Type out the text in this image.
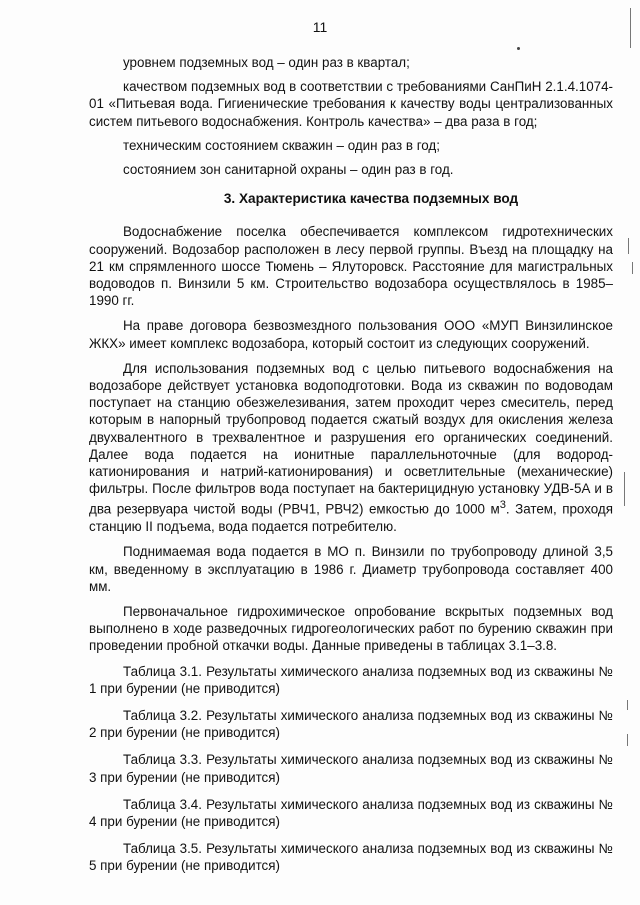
11

уровнем подземных вод – один раз в квартал;

качеством подземных вод в соответствии с требованиями СанПиН 2.1.4.1074-01 «Питьевая вода. Гигиенические требования к качеству воды централизованных систем питьевого водоснабжения. Контроль качества» – два раза в год;

техническим состоянием скважин – один раз в год;

состоянием зон санитарной охраны – один раз в год.

3. Характеристика качества подземных вод

Водоснабжение поселка обеспечивается комплексом гидротехнических сооружений. Водозабор расположен в лесу первой группы. Въезд на площадку на 21 км спрямленного шоссе Тюмень – Ялуторовск. Расстояние для магистральных водоводов п. Винзили 5 км. Строительство водозабора осуществлялось в 1985–1990 гг.

На праве договора безвозмездного пользования ООО «МУП Винзилинское ЖКХ» имеет комплекс водозабора, который состоит из следующих сооружений.

Для использования подземных вод с целью питьевого водоснабжения на водозаборе действует установка водоподготовки. Вода из скважин по водоводам поступает на станцию обезжелезивания, затем проходит через смеситель, перед которым в напорный трубопровод подается сжатый воздух для окисления железа двухвалентного в трехвалентное и разрушения его органических соединений. Далее вода подается на ионитные параллельноточные (для водород-катионирования и натрий-катионирования) и осветлительные (механические) фильтры. После фильтров вода поступает на бактерицидную установку УДВ-5А и в два резервуара чистой воды (РВЧ1, РВЧ2) емкостью до 1000 $м^3$. Затем, проходя станцию II подъема, вода подается потребителю.

Поднимаемая вода подается в МО п. Винзили по трубопроводу длиной 3,5 км, введенному в эксплуатацию в 1986 г. Диаметр трубопровода составляет 400 мм.

Первоначальное гидрохимическое опробование вскрытых подземных вод выполнено в ходе разведочных гидрогеологических работ по бурению скважин при проведении пробной откачки воды. Данные приведены в таблицах 3.1–3.8.

Таблица 3.1. Результаты химического анализа подземных вод из скважины № 1 при бурении (не приводится)

Таблица 3.2. Результаты химического анализа подземных вод из скважины № 2 при бурении (не приводится)

Таблица 3.3. Результаты химического анализа подземных вод из скважины № 3 при бурении (не приводится)

Таблица 3.4. Результаты химического анализа подземных вод из скважины № 4 при бурении (не приводится)

Таблица 3.5. Результаты химического анализа подземных вод из скважины № 5 при бурении (не приводится)
